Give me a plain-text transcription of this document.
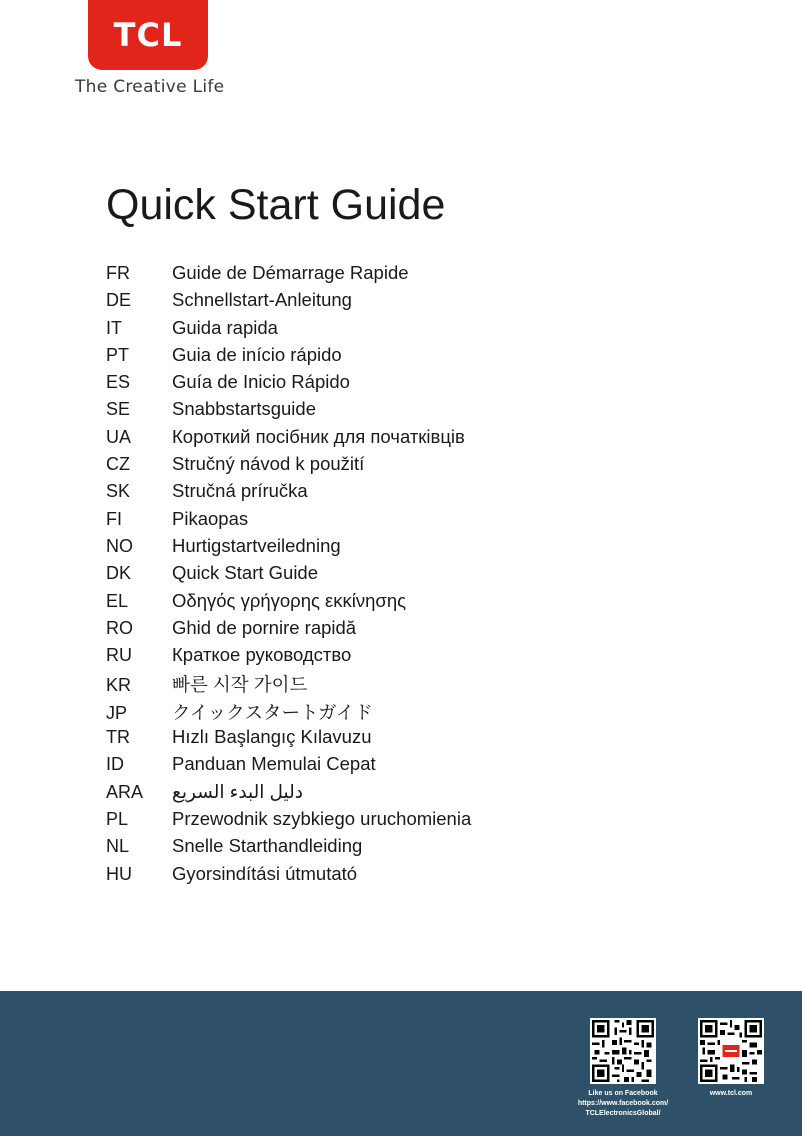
TCL
The Creative Life
Quick Start Guide
FR	Guide de Démarrage Rapide
DE	Schnellstart-Anleitung
IT	Guida rapida
PT	Guia de início rápido
ES	Guía de Inicio Rápido
SE	Snabbstartsguide
UA	Короткий посібник для початківців
CZ	Stručný návod k použití
SK	Stručná príručka
FI	Pikaopas
NO	Hurtigstartveiledning
DK	Quick Start Guide
EL	Οδηγός γρήγορης εκκίνησης
RO	Ghid de pornire rapidă
RU	Краткое руководство
KR	빠른 시작 가이드
JP	クイックスタートガイド
TR	Hızlı Başlangıç Kılavuzu
ID	Panduan Memulai Cepat
ARA	دليل البدء السريع
PL	Przewodnik szybkiego uruchomienia
NL	Snelle Starthandleiding
HU	Gyorsindítási útmutató
Like us on Facebook
https://www.facebook.com/
TCLElectronicsGlobal/
www.tcl.com
